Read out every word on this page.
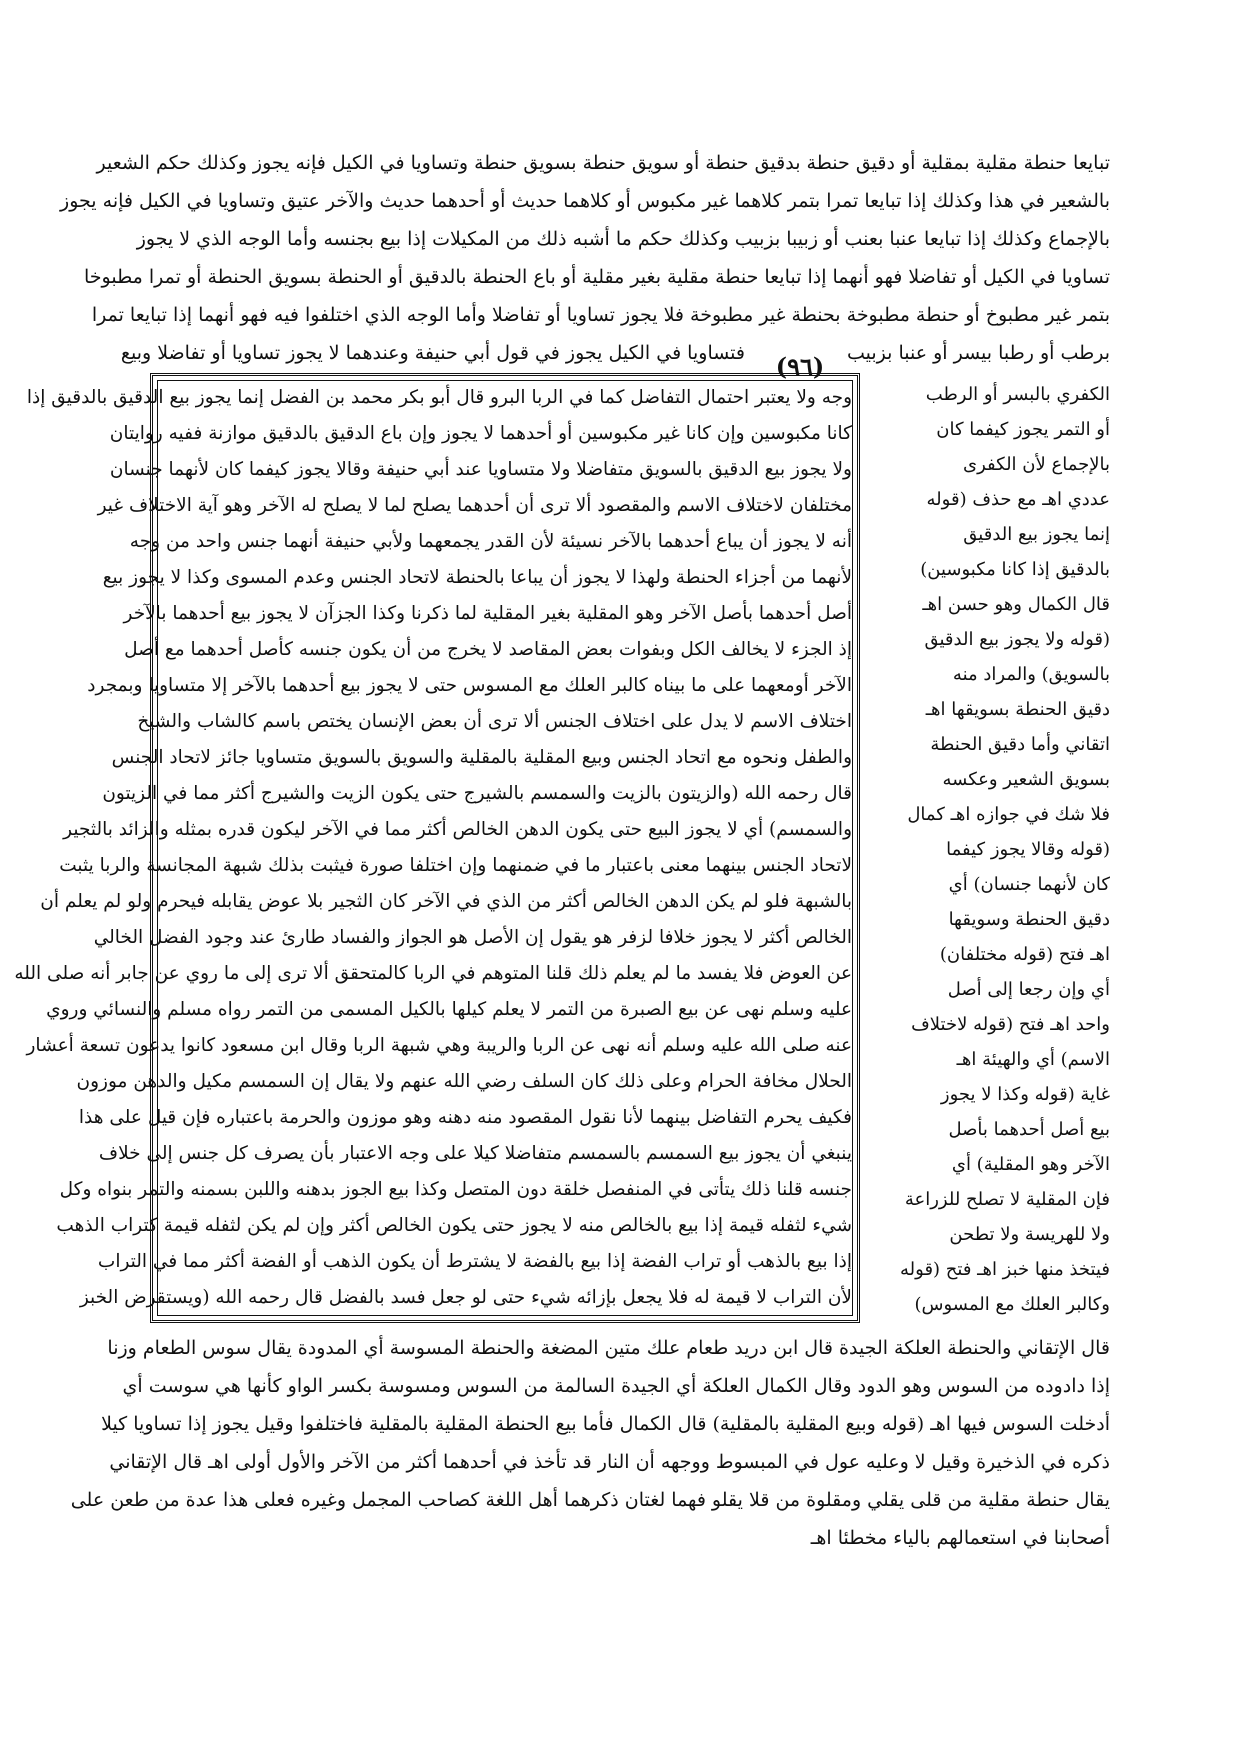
تبايعا حنطة مقلية بمقلية أو دقيق حنطة بدقيق حنطة أو سويق حنطة بسويق حنطة وتساويا في الكيل فإنه يجوز وكذلك حكم الشعير
بالشعير في هذا وكذلك إذا تبايعا تمرا بتمر كلاهما غير مكبوس أو كلاهما حديث أو أحدهما حديث والآخر عتيق وتساويا في الكيل فإنه يجوز
بالإجماع وكذلك إذا تبايعا عنبا بعنب أو زبيبا بزبيب وكذلك حكم ما أشبه ذلك من المكيلات إذا بيع بجنسه وأما الوجه الذي لا يجوز
تساويا في الكيل أو تفاضلا فهو أنهما إذا تبايعا حنطة مقلية بغير مقلية أو باع الحنطة بالدقيق أو الحنطة بسويق الحنطة أو تمرا مطبوخا
بتمر غير مطبوخ أو حنطة مطبوخة بحنطة غير مطبوخة فلا يجوز تساويا أو تفاضلا وأما الوجه الذي اختلفوا فيه فهو أنهما إذا تبايعا تمرا
فتساويا في الكيل يجوز في قول أبي حنيفة وعندهما لا يجوز تساويا أو تفاضلا وبيع	برطب أو رطبا بيسر أو عنبا بزبيب
(٩٦)
وجه ولا يعتبر احتمال التفاضل كما في الربا البرو قال أبو بكر محمد بن الفضل إنما يجوز بيع الدقيق بالدقيق إذا
كانا مكبوسين وإن كانا غير مكبوسين أو أحدهما لا يجوز وإن باع الدقيق بالدقيق موازنة ففيه روايتان
ولا يجوز بيع الدقيق بالسويق متفاضلا ولا متساويا عند أبي حنيفة وقالا يجوز كيفما كان لأنهما جنسان
مختلفان لاختلاف الاسم والمقصود ألا ترى أن أحدهما يصلح لما لا يصلح له الآخر وهو آية الاختلاف غير
أنه لا يجوز أن يباع أحدهما بالآخر نسيئة لأن القدر يجمعهما ولأبي حنيفة أنهما جنس واحد من وجه
لأنهما من أجزاء الحنطة ولهذا لا يجوز أن يباعا بالحنطة لاتحاد الجنس وعدم المسوى وكذا لا يجوز بيع
أصل أحدهما بأصل الآخر وهو المقلية بغير المقلية لما ذكرنا وكذا الجزآن لا يجوز بيع أحدهما بالآخر
إذ الجزء لا يخالف الكل وبفوات بعض المقاصد لا يخرج من أن يكون جنسه كأصل أحدهما مع أصل
الآخر أومعهما على ما بيناه كالبر العلك مع المسوس حتى لا يجوز بيع أحدهما بالآخر إلا متساويا وبمجرد
اختلاف الاسم لا يدل على اختلاف الجنس ألا ترى أن بعض الإنسان يختص باسم كالشاب والشيخ
والطفل ونحوه مع اتحاد الجنس وبيع المقلية بالمقلية والسويق بالسويق متساويا جائز لاتحاد الجنس
قال رحمه الله (والزيتون بالزيت والسمسم بالشيرج حتى يكون الزيت والشيرج أكثر مما في الزيتون
والسمسم) أي لا يجوز البيع حتى يكون الدهن الخالص أكثر مما في الآخر ليكون قدره بمثله والزائد بالثجير
لاتحاد الجنس بينهما معنى باعتبار ما في ضمنهما وإن اختلفا صورة فيثبت بذلك شبهة المجانسة والربا يثبت
بالشبهة فلو لم يكن الدهن الخالص أكثر من الذي في الآخر كان الثجير بلا عوض يقابله فيحرم ولو لم يعلم أن
الخالص أكثر لا يجوز خلافا لزفر هو يقول إن الأصل هو الجواز والفساد طارئ عند وجود الفضل الخالي
عن العوض فلا يفسد ما لم يعلم ذلك قلنا المتوهم في الربا كالمتحقق ألا ترى إلى ما روي عن جابر أنه صلى الله
عليه وسلم نهى عن بيع الصبرة من التمر لا يعلم كيلها بالكيل المسمى من التمر رواه مسلم والنسائي وروي
عنه صلى الله عليه وسلم أنه نهى عن الربا والريبة وهي شبهة الربا وقال ابن مسعود كانوا يدعون تسعة أعشار
الحلال مخافة الحرام وعلى ذلك كان السلف رضي الله عنهم ولا يقال إن السمسم مكيل والدهن موزون
فكيف يحرم التفاضل بينهما لأنا نقول المقصود منه دهنه وهو موزون والحرمة باعتباره فإن قيل على هذا
ينبغي أن يجوز بيع السمسم بالسمسم متفاضلا كيلا على وجه الاعتبار بأن يصرف كل جنس إلى خلاف
جنسه قلنا ذلك يتأتى في المنفصل خلقة دون المتصل وكذا بيع الجوز بدهنه واللبن بسمنه والتمر بنواه وكل
شيء لثفله قيمة إذا بيع بالخالص منه لا يجوز حتى يكون الخالص أكثر وإن لم يكن لثفله قيمة كتراب الذهب
إذا بيع بالذهب أو تراب الفضة إذا بيع بالفضة لا يشترط أن يكون الذهب أو الفضة أكثر مما في التراب
لأن التراب لا قيمة له فلا يجعل بإزائه شيء حتى لو جعل فسد بالفضل قال رحمه الله (ويستقرض الخبز
الكفري بالبسر أو الرطب
أو التمر يجوز كيفما كان
بالإجماع لأن الكفرى
عددي اهـ مع حذف (قوله
إنما يجوز بيع الدقيق
بالدقيق إذا كانا مكبوسين)
قال الكمال وهو حسن اهـ
(قوله ولا يجوز بيع الدقيق
بالسويق) والمراد منه
دقيق الحنطة بسويقها اهـ
اتقاني وأما دقيق الحنطة
بسويق الشعير وعكسه
فلا شك في جوازه اهـ كمال
(قوله وقالا يجوز كيفما
كان لأنهما جنسان) أي
دقيق الحنطة وسويقها
اهـ فتح (قوله مختلفان)
أي وإن رجعا إلى أصل
واحد اهـ فتح (قوله لاختلاف
الاسم) أي والهيئة اهـ
غاية (قوله وكذا لا يجوز
بيع أصل أحدهما بأصل
الآخر وهو المقلية) أي
فإن المقلية لا تصلح للزراعة
ولا للهريسة ولا تطحن
فيتخذ منها خبز اهـ فتح (قوله
وكالبر العلك مع المسوس)
قال الإتقاني والحنطة العلكة الجيدة قال ابن دريد طعام علك متين المضغة والحنطة المسوسة أي المدودة يقال سوس الطعام وزنا
إذا دادوده من السوس وهو الدود وقال الكمال العلكة أي الجيدة السالمة من السوس ومسوسة بكسر الواو كأنها هي سوست أي
أدخلت السوس فيها اهـ (قوله وبيع المقلية بالمقلية) قال الكمال فأما بيع الحنطة المقلية بالمقلية فاختلفوا وقيل يجوز إذا تساويا كيلا
ذكره في الذخيرة وقيل لا وعليه عول في المبسوط ووجهه أن النار قد تأخذ في أحدهما أكثر من الآخر والأول أولى اهـ قال الإتقاني
يقال حنطة مقلية من قلى يقلي ومقلوة من قلا يقلو فهما لغتان ذكرهما أهل اللغة كصاحب المجمل وغيره فعلى هذا عدة من طعن على
أصحابنا في استعمالهم بالياء مخطئا اهـ
